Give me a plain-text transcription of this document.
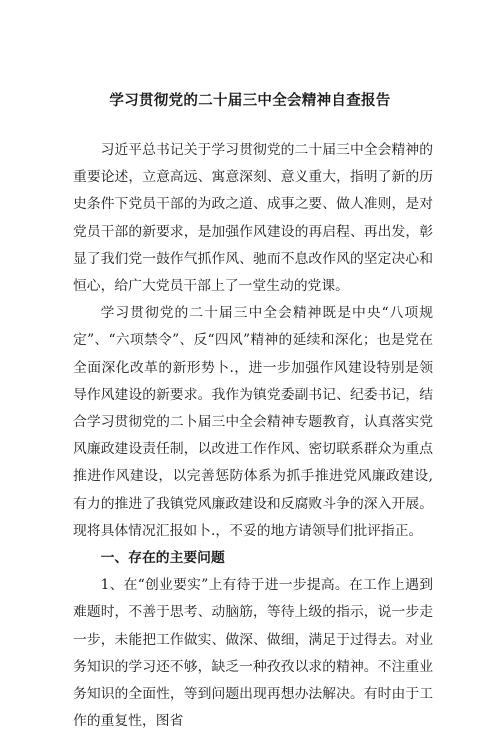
学习贯彻党的二十届三中全会精神自查报告

习近平总书记关于学习贯彻党的二十届三中全会精神的重要论述，立意高远、寓意深刻、意义重大，指明了新的历史条件下党员干部的为政之道、成事之要、做人准则，是对党员干部的新要求，是加强作风建设的再启程、再出发，彰显了我们党一鼓作气抓作风、驰而不息改作风的坚定决心和恒心，给广大党员干部上了一堂生动的党课。

学习贯彻党的二十届三中全会精神既是中央“八项规定”、“六项禁令”、反“四风”精神的延续和深化；也是党在全面深化改革的新形势卜.，进一步加强作风建设特别是领导作风建设的新要求。我作为镇党委副书记、纪委书记，结合学习贯彻党的二卜届三中全会精神专题教育，认真落实党风廉政建设责任制，以改进工作作风、密切联系群众为重点推进作风建设，以完善惩防体系为抓手推进党风廉政建设,有力的推进了我镇党风廉政建设和反腐败斗争的深入开展。现将具体情况汇报如卜.，不妥的地方请领导们批评指正。

一、存在的主要问题

1、在“创业要实”上有待于进一步提高。在工作上遇到难题时，不善于思考、动脑筋，等待上级的指示，说一步走一步，未能把工作做实、做深、做细，满足于过得去。对业务知识的学习还不够，缺乏一种孜孜以求的精神。不注重业务知识的全面性，等到问题出现再想办法解决。有时由于工作的重复性，图省
